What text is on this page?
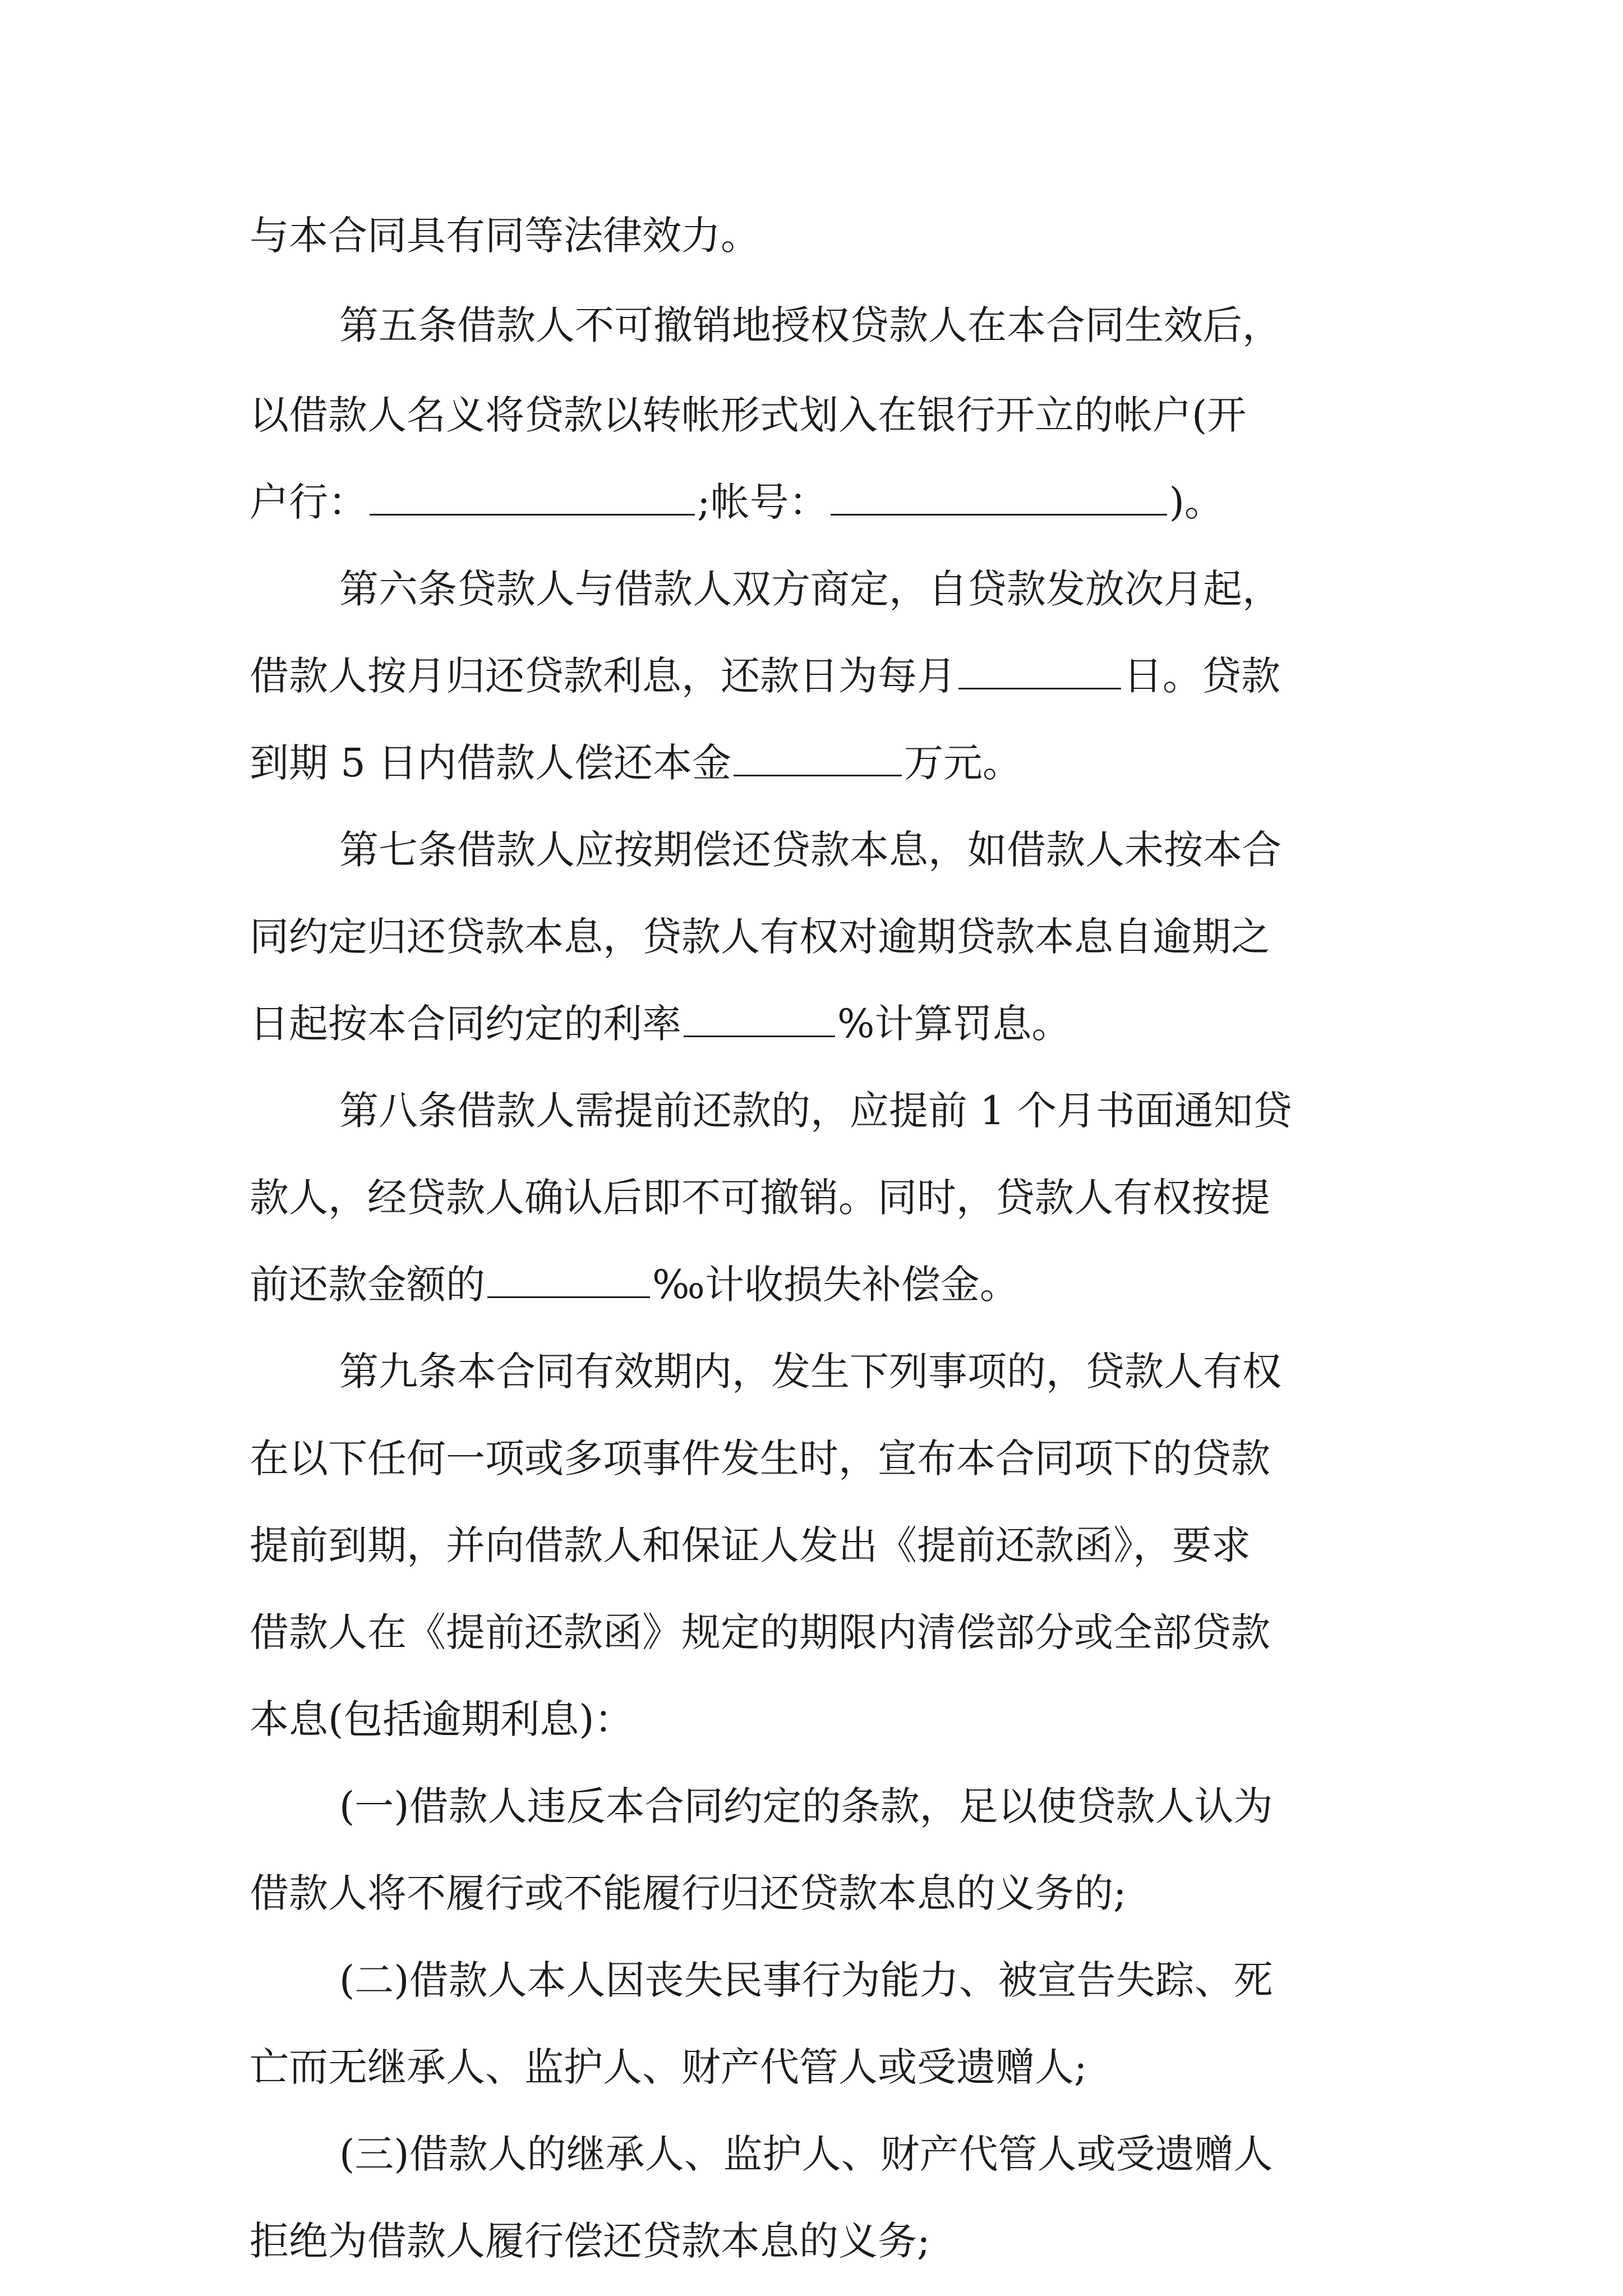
与本合同具有同等法律效力。
第五条借款人不可撤销地授权贷款人在本合同生效后，
以借款人名义将贷款以转帐形式划入在银行开立的帐户(开
户行：	;帐号：	)。
第六条贷款人与借款人双方商定，自贷款发放次月起，
借款人按月归还贷款利息，还款日为每月	日。贷款
到期 5 日内借款人偿还本金	万元。
第七条借款人应按期偿还贷款本息，如借款人未按本合
同约定归还贷款本息，贷款人有权对逾期贷款本息自逾期之
日起按本合同约定的利率	%计算罚息。
第八条借款人需提前还款的，应提前 1 个月书面通知贷
款人，经贷款人确认后即不可撤销。同时，贷款人有权按提
前还款金额的	‰计收损失补偿金。
第九条本合同有效期内，发生下列事项的，贷款人有权
在以下任何一项或多项事件发生时，宣布本合同项下的贷款
提前到期，并向借款人和保证人发出《提前还款函》，要求
借款人在《提前还款函》规定的期限内清偿部分或全部贷款
本息(包括逾期利息)：
(一)借款人违反本合同约定的条款，足以使贷款人认为
借款人将不履行或不能履行归还贷款本息的义务的;
(二)借款人本人因丧失民事行为能力、被宣告失踪、死
亡而无继承人、监护人、财产代管人或受遗赠人;
(三)借款人的继承人、监护人、财产代管人或受遗赠人
拒绝为借款人履行偿还贷款本息的义务;
